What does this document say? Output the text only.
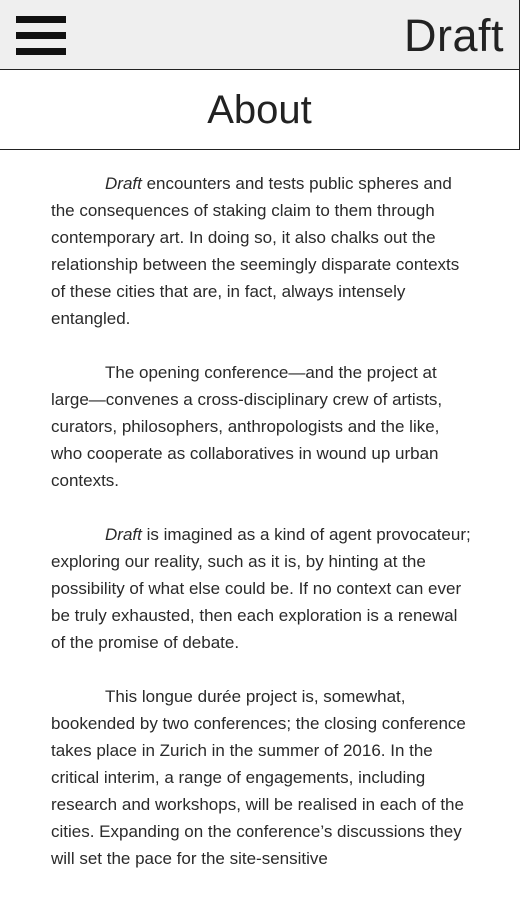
Draft
About

Draft encounters and tests public spheres and the consequences of staking claim to them through contemporary art. In doing so, it also chalks out the relationship between the seemingly disparate contexts of these cities that are, in fact, always intensely entangled.

The opening conference—and the project at large—convenes a cross-disciplinary crew of artists, curators, philosophers, anthropologists and the like, who cooperate as collaboratives in wound up urban contexts.

Draft is imagined as a kind of agent provocateur; exploring our reality, such as it is, by hinting at the possibility of what else could be. If no context can ever be truly exhausted, then each exploration is a renewal of the promise of debate.

This longue durée project is, somewhat, bookended by two conferences; the closing conference takes place in Zurich in the summer of 2016. In the critical interim, a range of engagements, including research and workshops, will be realised in each of the cities. Expanding on the conference’s discussions they will set the pace for the site-sensitive
